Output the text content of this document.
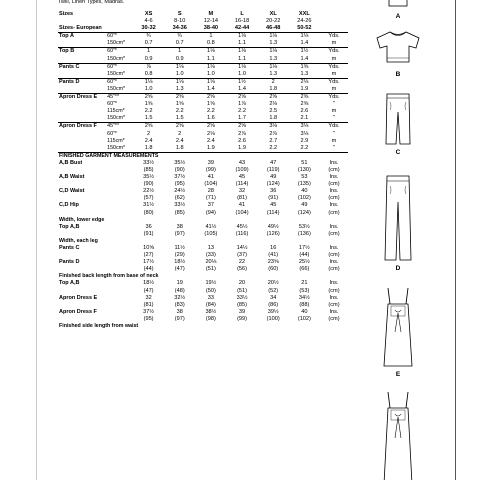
Twill, Linen Types, Madras.
Sizes		XS	S	M	L	XL	XXL	
		4-6	8-10	12-14	16-18	20-22	24-26	
Sizes- European		30-32	34-36	38-40	42-44	46-48	50-52	
Top A	60"*	¾	¾	1	1⅛	1⅛	1⅛	Yds.
	150cm*	0.7	0.7	0.8	1.1	1.3	1.4	m
Top B	60"*	1	1	1⅛	1⅛	1⅛	1½	Yds.
	150cm*	0.9	0.9	1.1	1.1	1.3	1.4	m
Pants C	60"*	⅞	1⅛	1⅛	1⅛	1⅛	1⅝	Yds.
	150cm*	0.8	1.0	1.0	1.0	1.3	1.3	m
Pants D	60"*	1⅛	1⅛	1⅛	1½	2	2⅛	Yds.
	150cm*	1.0	1.3	1.4	1.4	1.8	1.9	m
Apron Dress E	45"**	2⅝	2⅝	2⅝	2⅝	2⅝	2⅝	Yds.
	60"*	1⅝	1⅝	1⅝	1⅞	2⅛	2⅝	"
	115cm*	2.2	2.2	2.2	2.2	2.5	2.6	m
	150cm*	1.5	1.5	1.6	1.7	1.8	2.1	"
Apron Dress F	45"**	2⅝	2⅝	2⅝	2⅝	3⅛	3⅛	Yds.
	60"*	2	2	2⅛	2⅞	2⅞	3⅛	"
	115cm*	2.4	2.4	2.4	2.6	2.7	2.9	m
	150cm*	1.8	1.8	1.9	1.9	2.2	2.2	"
FINISHED GARMENT MEASUREMENTS								
A,B Bust		33½	35½	39	43	47	51	Ins.
		(85)	(90)	(99)	(109)	(119)	(130)	(cm)
A,B Waist		35½	37½	41	45	49	53	Ins.
		(90)	(95)	(104)	(114)	(124)	(135)	(cm)
C,D Waist		22½	24½	28	32	36	40	Ins.
		(57)	(62)	(71)	(81)	(91)	(102)	(cm)
C,D Hip		31½	33½	37	41	45	49	Ins.
		(80)	(85)	(94)	(104)	(114)	(124)	(cm)
Width, lower edge								
Top A,B		36	38	41½	45½	49½	53½	Ins.
		(91)	(97)	(105)	(116)	(126)	(136)	(cm)
Width, each leg								
Pants C		10⅝	11½	13	14½	16	17½	Ins.
		(27)	(29)	(33)	(37)	(41)	(44)	(cm)
Pants D		17½	18½	20⅛	22	23⅝	25½	Ins.
		(44)	(47)	(51)	(56)	(60)	(66)	(cm)
Finished back length from base of neck								
Top A,B		18½	19	19½	20	20½	21	Ins.
		(47)	(48)	(50)	(51)	(52)	(53)	(cm)
Apron Dress E		32	32½	33	33½	34	34½	Ins.
		(81)	(83)	(84)	(85)	(86)	(88)	(cm)
Apron Dress F		37½	38	38½	39	39½	40	Ins.
		(95)	(97)	(98)	(99)	(100)	(102)	(cm)
Finished side length from waist								
A
B
C
D
E
